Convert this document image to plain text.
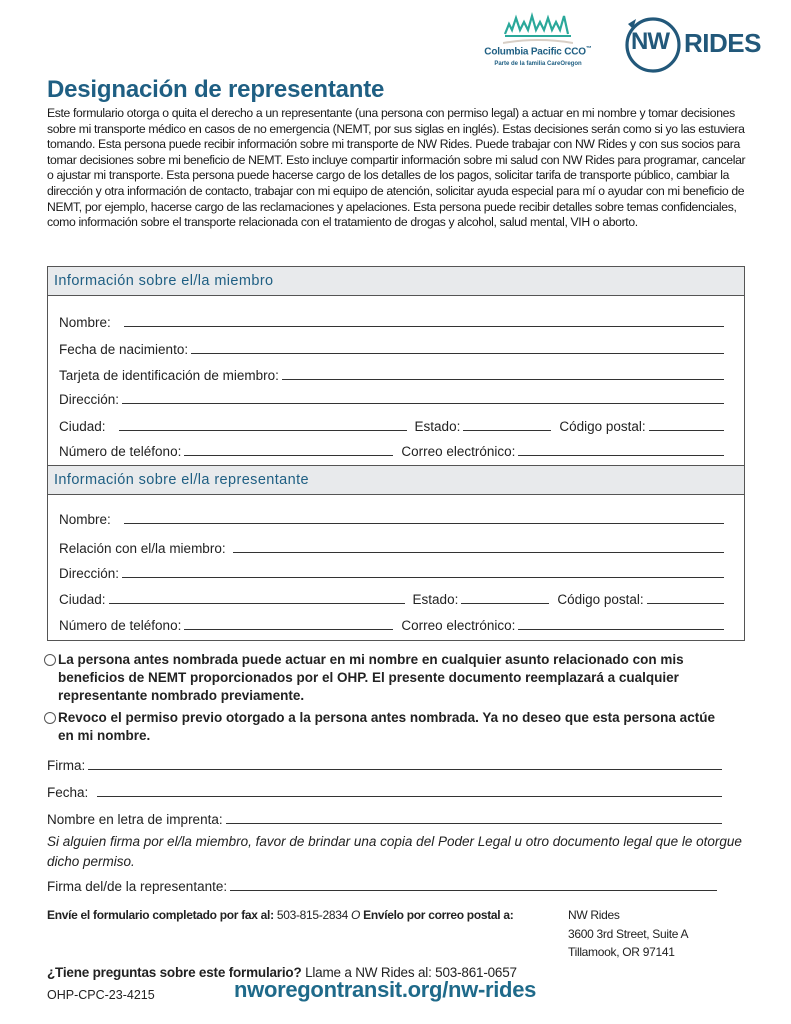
Columbia Pacific CCO™
Parte de la familia CareOregon
NW RIDES
Designación de representante

Este formulario otorga o quita el derecho a un representante (una persona con permiso legal) a actuar en mi nombre y tomar decisiones sobre mi transporte médico en casos de no emergencia (NEMT, por sus siglas en inglés). Estas decisiones serán como si yo las estuviera tomando. Esta persona puede recibir información sobre mi transporte de NW Rides. Puede trabajar con NW Rides y con sus socios para tomar decisiones sobre mi beneficio de NEMT. Esto incluye compartir información sobre mi salud con NW Rides para programar, cancelar o ajustar mi transporte. Esta persona puede hacerse cargo de los detalles de los pagos, solicitar tarifa de transporte público, cambiar la dirección y otra información de contacto, trabajar con mi equipo de atención, solicitar ayuda especial para mí o ayudar con mi beneficio de NEMT, por ejemplo, hacerse cargo de las reclamaciones y apelaciones. Esta persona puede recibir detalles sobre temas confidenciales, como información sobre el transporte relacionada con el tratamiento de drogas y alcohol, salud mental, VIH o aborto.

Información sobre el/la miembro
Nombre:
Fecha de nacimiento:
Tarjeta de identificación de miembro:
Dirección:
Ciudad:	Estado:	Código postal:
Número de teléfono:	Correo electrónico:
Información sobre el/la representante
Nombre:
Relación con el/la miembro:
Dirección:
Ciudad:	Estado:	Código postal:
Número de teléfono:	Correo electrónico:
La persona antes nombrada puede actuar en mi nombre en cualquier asunto relacionado con mis beneficios de NEMT proporcionados por el OHP. El presente documento reemplazará a cualquier representante nombrado previamente.
Revoco el permiso previo otorgado a la persona antes nombrada. Ya no deseo que esta persona actúe en mi nombre.
Firma:
Fecha:
Nombre en letra de imprenta:

Si alguien firma por el/la miembro, favor de brindar una copia del Poder Legal u otro documento legal que le otorgue dicho permiso.

Firma del/de la representante:
Envíe el formulario completado por fax al: 503-815-2834 O Envíelo por correo postal a:	NW Rides
3600 3rd Street, Suite A
Tillamook, OR 97141
¿Tiene preguntas sobre este formulario? Llame a NW Rides al: 503-861-0657
OHP-CPC-23-4215	nworegontransit.org/nw-rides
